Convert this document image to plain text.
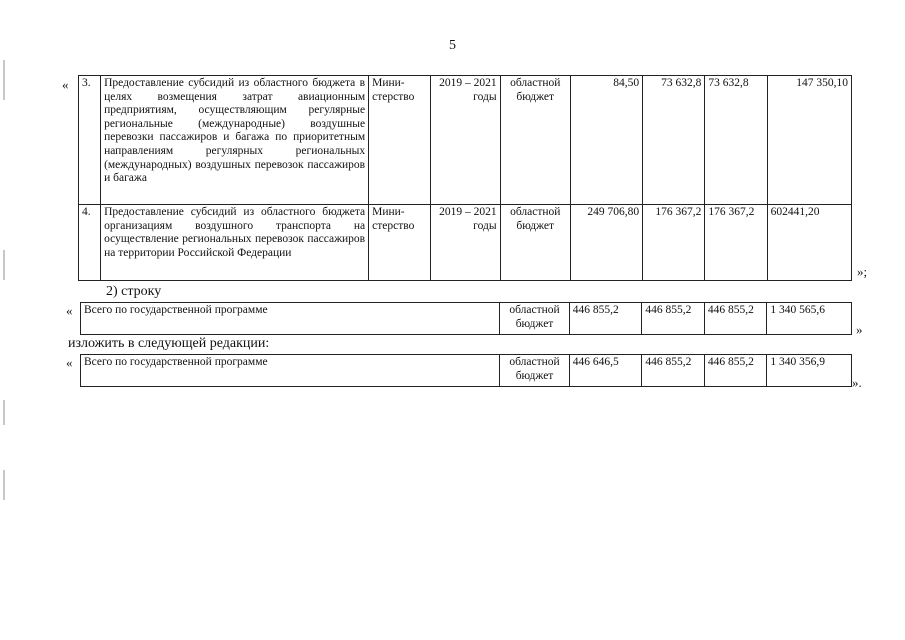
5
« 3.	Предоставление субсидий из областного бюджета в целях возмещения затрат авиационным предприятиям, осуществляющим регулярные региональные (международные) воздушные перевозки пассажиров и багажа по приоритетным направлениям регулярных региональных (международных) воздушных перевозок пассажиров и багажа	Мини-стерство	2019 – 2021 годы	областной бюджет	84,50	73 632,8	73 632,8	147 350,10
4.	Предоставление субсидий из областного бюджета организациям воздушного транспорта на осуществление региональных перевозок пассажиров на территории Российской Федерации	Мини-стерство	2019 – 2021 годы	областной бюджет	249 706,80	176 367,2	176 367,2	602441,20
»;
2) строку
« Всего по государственной программе	областной бюджет	446 855,2	446 855,2	446 855,2	1 340 565,6
»
изложить в следующей редакции:
« Всего по государственной программе	областной бюджет	446 646,5	446 855,2	446 855,2	1 340 356,9
».
